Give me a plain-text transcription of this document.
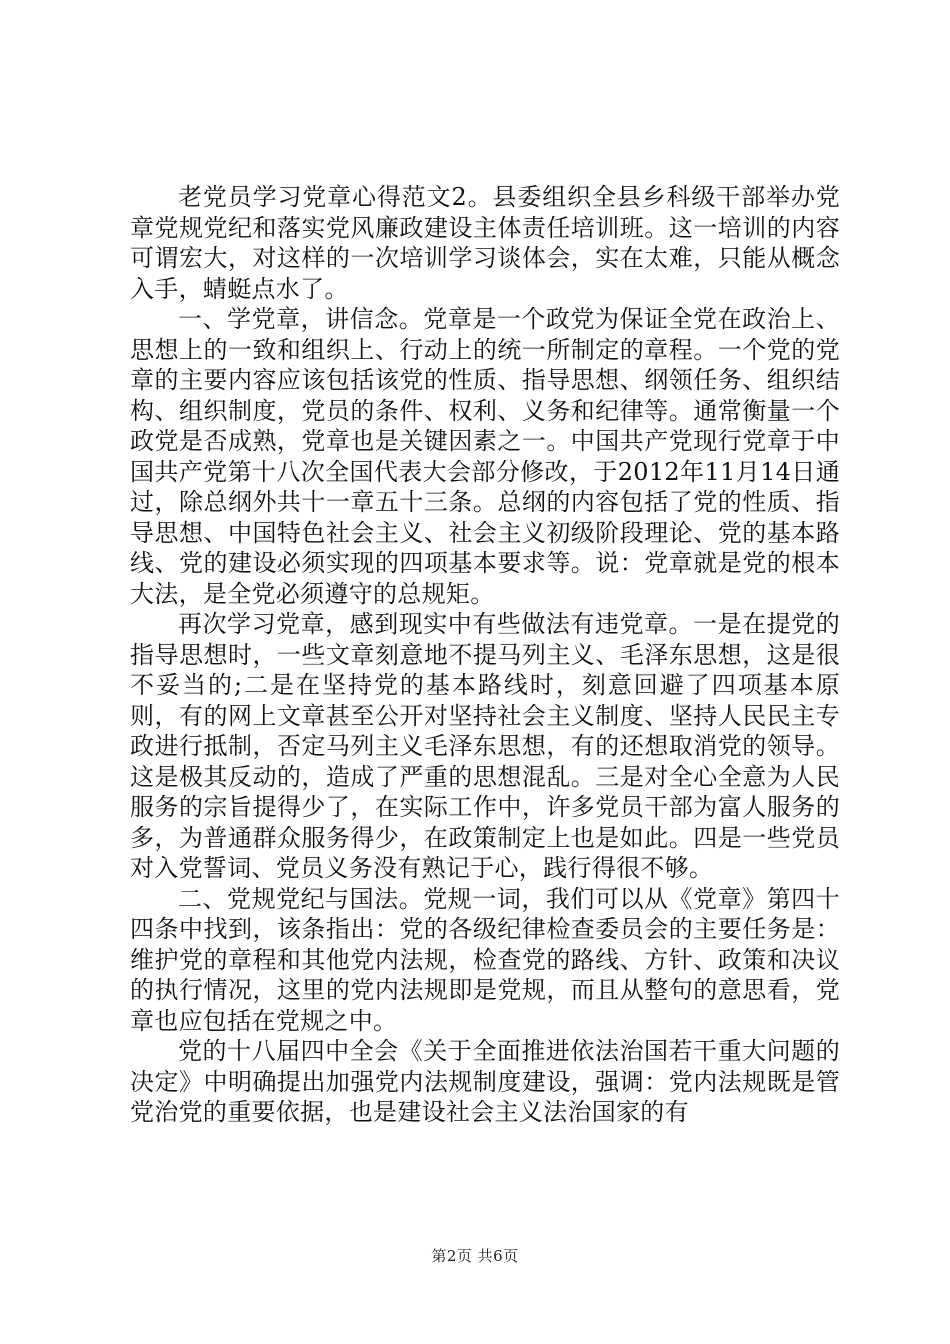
老党员学习党章心得范文2。县委组织全县乡科级干部举办党章党规党纪和落实党风廉政建设主体责任培训班。这一培训的内容可谓宏大，对这样的一次培训学习谈体会，实在太难，只能从概念入手，蜻蜓点水了。

一、学党章，讲信念。党章是一个政党为保证全党在政治上、思想上的一致和组织上、行动上的统一所制定的章程。一个党的党章的主要内容应该包括该党的性质、指导思想、纲领任务、组织结构、组织制度，党员的条件、权利、义务和纪律等。通常衡量一个政党是否成熟，党章也是关键因素之一。中国共产党现行党章于中国共产党第十八次全国代表大会部分修改，于2012年11月14日通过，除总纲外共十一章五十三条。总纲的内容包括了党的性质、指导思想、中国特色社会主义、社会主义初级阶段理论、党的基本路线、党的建设必须实现的四项基本要求等。说：党章就是党的根本大法，是全党必须遵守的总规矩。

再次学习党章，感到现实中有些做法有违党章。一是在提党的指导思想时，一些文章刻意地不提马列主义、毛泽东思想，这是很不妥当的;二是在坚持党的基本路线时，刻意回避了四项基本原则，有的网上文章甚至公开对坚持社会主义制度、坚持人民民主专政进行抵制，否定马列主义毛泽东思想，有的还想取消党的领导。这是极其反动的，造成了严重的思想混乱。三是对全心全意为人民服务的宗旨提得少了，在实际工作中，许多党员干部为富人服务的多，为普通群众服务得少，在政策制定上也是如此。四是一些党员对入党誓词、党员义务没有熟记于心，践行得很不够。

二、党规党纪与国法。党规一词，我们可以从《党章》第四十四条中找到，该条指出：党的各级纪律检查委员会的主要任务是：维护党的章程和其他党内法规，检查党的路线、方针、政策和决议的执行情况，这里的党内法规即是党规，而且从整句的意思看，党章也应包括在党规之中。

党的十八届四中全会《关于全面推进依法治国若干重大问题的决定》中明确提出加强党内法规制度建设，强调：党内法规既是管党治党的重要依据，也是建设社会主义法治国家的有

第2页 共6页
